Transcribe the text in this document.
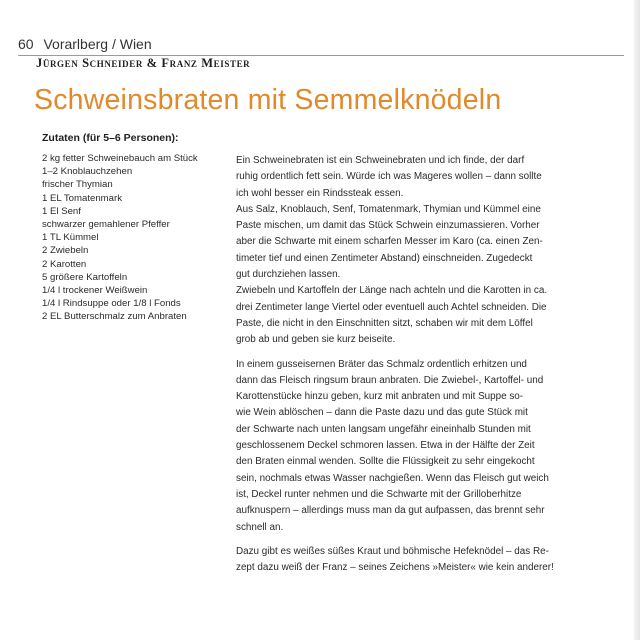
60 Vorarlberg / Wien
Jürgen Schneider & Franz Meister
Schweinsbraten mit Semmelknödeln
Zutaten (für 5–6 Personen):
2 kg fetter Schweinebauch am Stück
1–2 Knoblauchzehen
frischer Thymian
1 EL Tomatenmark
1 El Senf
schwarzer gemahlener Pfeffer
1 TL Kümmel
2 Zwiebeln
2 Karotten
5 größere Kartoffeln
1/4 l trockener Weißwein
1/4 l Rindsuppe oder 1/8 l Fonds
2 EL Butterschmalz zum Anbraten

Ein Schweinebraten ist ein Schweinebraten und ich finde, der darf
ruhig ordentlich fett sein. Würde ich was Mageres wollen – dann sollte
ich wohl besser ein Rindssteak essen.
Aus Salz, Knoblauch, Senf, Tomatenmark, Thymian und Kümmel eine
Paste mischen, um damit das Stück Schwein einzumassieren. Vorher
aber die Schwarte mit einem scharfen Messer im Karo (ca. einen Zen-
timeter tief und einen Zentimeter Abstand) einschneiden. Zugedeckt
gut durchziehen lassen.
Zwiebeln und Kartoffeln der Länge nach achteln und die Karotten in ca.
drei Zentimeter lange Viertel oder eventuell auch Achtel schneiden. Die
Paste, die nicht in den Einschnitten sitzt, schaben wir mit dem Löffel
grob ab und geben sie kurz beiseite.

In einem gusseisernen Bräter das Schmalz ordentlich erhitzen und
dann das Fleisch ringsum braun anbraten. Die Zwiebel-, Kartoffel- und
Karottenstücke hinzu geben, kurz mit anbraten und mit Suppe so-
wie Wein ablöschen – dann die Paste dazu und das gute Stück mit
der Schwarte nach unten langsam ungefähr eineinhalb Stunden mit
geschlossenem Deckel schmoren lassen. Etwa in der Hälfte der Zeit
den Braten einmal wenden. Sollte die Flüssigkeit zu sehr eingekocht
sein, nochmals etwas Wasser nachgießen. Wenn das Fleisch gut weich
ist, Deckel runter nehmen und die Schwarte mit der Grilloberhitze
aufknuspern – allerdings muss man da gut aufpassen, das brennt sehr
schnell an.

Dazu gibt es weißes süßes Kraut und böhmische Hefeknödel – das Re-
zept dazu weiß der Franz – seines Zeichens »Meister« wie kein anderer!
